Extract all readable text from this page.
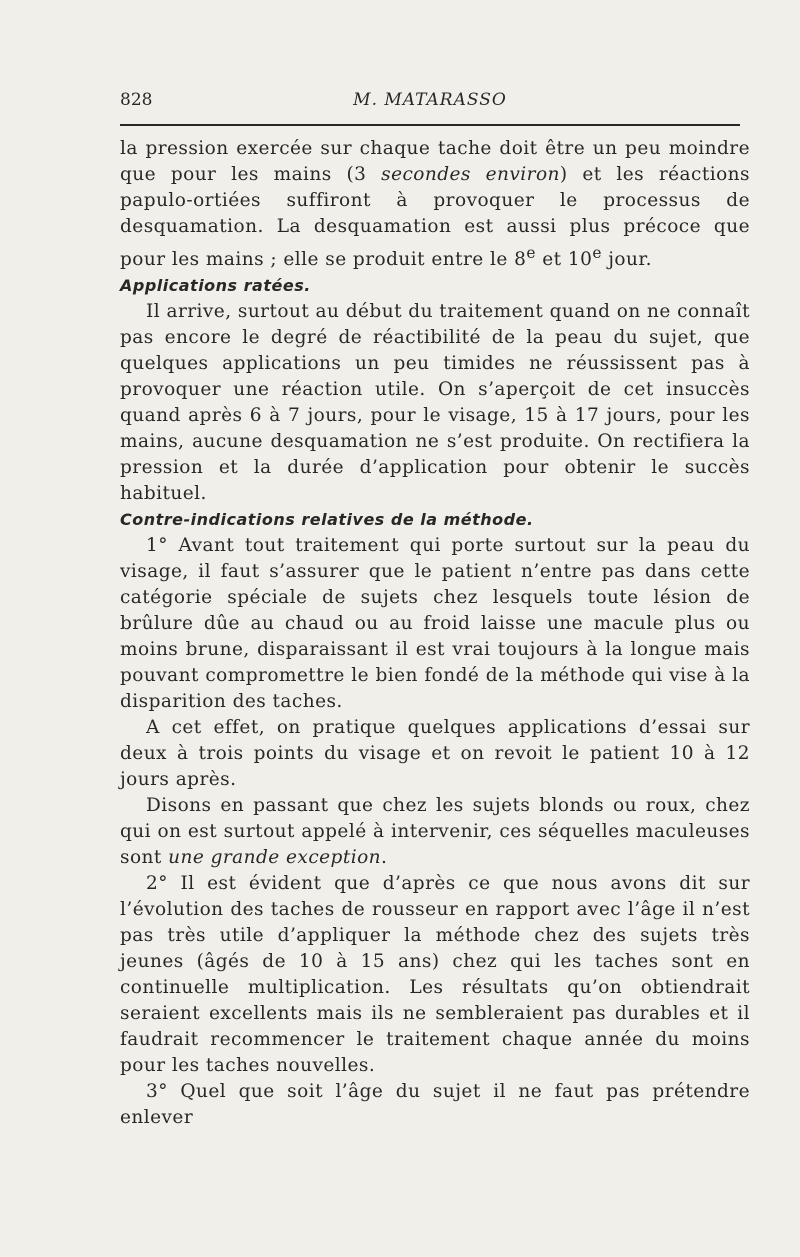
828	M. MATARASSO

la pression exercée sur chaque tache doit être un peu moindre que pour les mains (3 secondes environ) et les réactions papulo-ortiées suffiront à provoquer le processus de desquamation. La desquamation est aussi plus précoce que pour les mains ; elle se produit entre le 8e et 10e jour.

Applications ratées.

Il arrive, surtout au début du traitement quand on ne connaît pas encore le degré de réactibilité de la peau du sujet, que quelques applications un peu timides ne réussissent pas à provoquer une réaction utile. On s’aperçoit de cet insuccès quand après 6 à 7 jours, pour le visage, 15 à 17 jours, pour les mains, aucune desquamation ne s’est produite. On rectifiera la pression et la durée d’application pour obtenir le succès habituel.

Contre-indications relatives de la méthode.

1° Avant tout traitement qui porte surtout sur la peau du visage, il faut s’assurer que le patient n’entre pas dans cette catégorie spéciale de sujets chez lesquels toute lésion de brûlure dûe au chaud ou au froid laisse une macule plus ou moins brune, disparaissant il est vrai toujours à la longue mais pouvant compromettre le bien fondé de la méthode qui vise à la disparition des taches.

A cet effet, on pratique quelques applications d’essai sur deux à trois points du visage et on revoit le patient 10 à 12 jours après.

Disons en passant que chez les sujets blonds ou roux, chez qui on est surtout appelé à intervenir, ces séquelles maculeuses sont une grande exception.

2° Il est évident que d’après ce que nous avons dit sur l’évolution des taches de rousseur en rapport avec l’âge il n’est pas très utile d’appliquer la méthode chez des sujets très jeunes (âgés de 10 à 15 ans) chez qui les taches sont en continuelle multiplication. Les résultats qu’on obtiendrait seraient excellents mais ils ne sembleraient pas durables et il faudrait recommencer le traitement chaque année du moins pour les taches nouvelles.

3° Quel que soit l’âge du sujet il ne faut pas prétendre enlever
